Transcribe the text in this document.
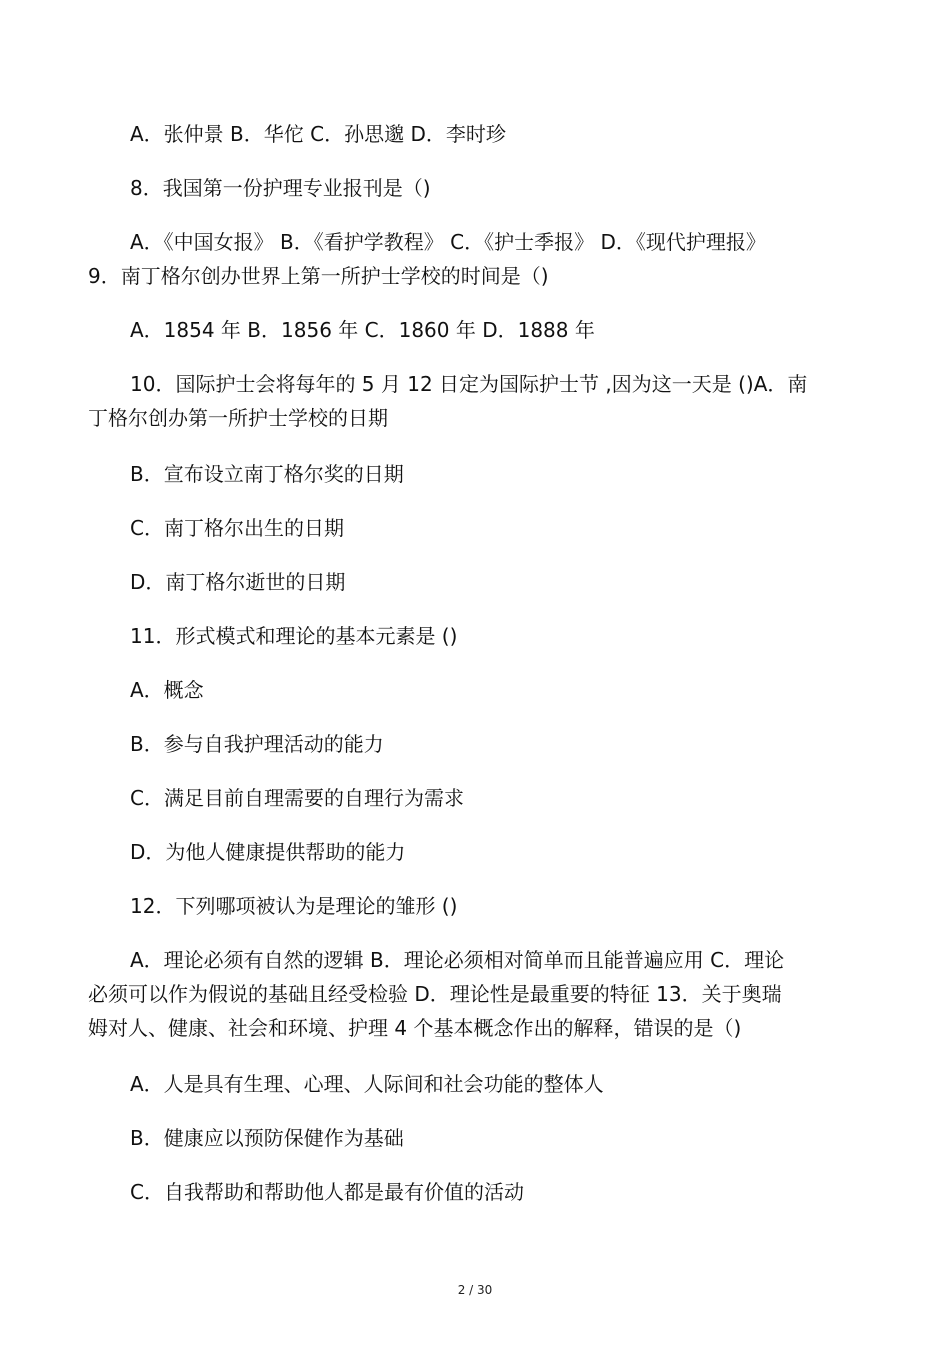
A．张仲景 B．华佗 C．孙思邈 D．李时珍
8．我国第一份护理专业报刊是（)
A．《中国女报》 B．《看护学教程》 C．《护士季报》 D．《现代护理报》
9．南丁格尔创办世界上第一所护士学校的时间是（)
A．1854 年 B．1856 年 C．1860 年 D．1888 年
10．国际护士会将每年的 5 月 12 日定为国际护士节 ,因为这一天是 ()A．南
丁格尔创办第一所护士学校的日期
B．宣布设立南丁格尔奖的日期
C．南丁格尔出生的日期
D．南丁格尔逝世的日期
11．形式模式和理论的基本元素是 ()
A．概念
B．参与自我护理活动的能力
C．满足目前自理需要的自理行为需求
D．为他人健康提供帮助的能力
12．下列哪项被认为是理论的雏形 ()
A．理论必须有自然的逻辑 B．理论必须相对简单而且能普遍应用 C．理论
必须可以作为假说的基础且经受检验 D．理论性是最重要的特征 13．关于奥瑞
姆对人、健康、社会和环境、护理 4 个基本概念作出的解释，错误的是（)
A．人是具有生理、心理、人际间和社会功能的整体人
B．健康应以预防保健作为基础
C．自我帮助和帮助他人都是最有价值的活动
2 / 30
